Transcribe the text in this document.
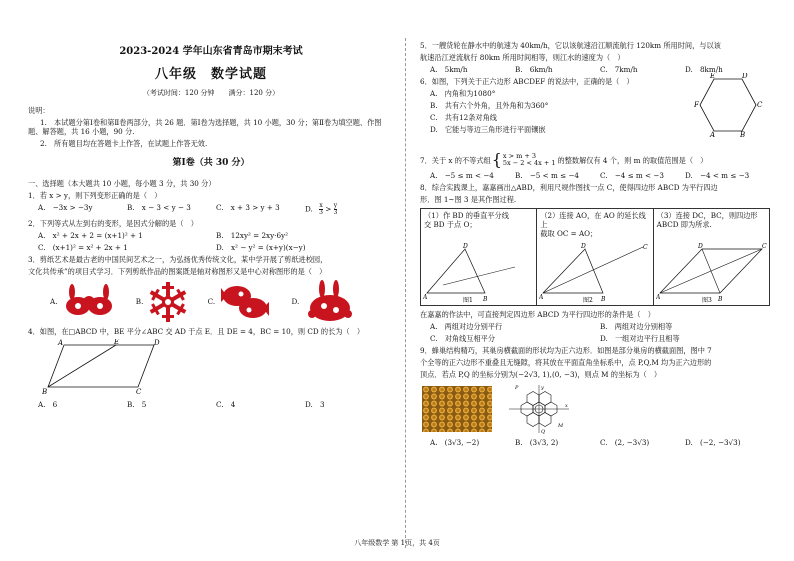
2023-2024 学年山东省青岛市期末考试
八年级　数学试题
（考试时间：120 分钟　　满分：120 分）
说明：
1.　本试题分第Ⅰ卷和第Ⅱ卷两部分，共 26 题．第Ⅰ卷为选择题，共 10 小题，30 分；第Ⅱ卷为填空题、作图题、解答题，共 16 小题，90 分.
2.　所有题目均在答题卡上作答，在试题上作答无效.
第Ⅰ卷（共 30 分）
一、选择题（本大题共 10 小题，每小题 3 分，共 30 分）
1．若 x > y，则下列变形正确的是（　）
A.　−3x > −3y	B.　x − 3 < y − 3	C.　x + 3 > y + 3	D. $\frac{x}{3} > \frac{y}{3}$
2．下列等式从左到右的变形，是因式分解的是（　）
A.　x² + 2x + 2 = (x+1)² + 1	B.　12xy² = 2xy·6y²
C.　(x+1)² = x² + 2x + 1	D.　x² − y² = (x+y)(x−y)
3．剪纸艺术是最古老的中国民间艺术之一，为弘扬优秀传统文化，某中学开展了剪纸进校园，
文化共传承”的项目式学习．下列剪纸作品的图案既是轴对称图形又是中心对称图形的是（　）
A.	B.	C.	D.
4．如图，在□ABCD 中，BE 平分∠ABC 交 AD 于点 E．且 DE = 4，BC = 10，则 CD 的长为（　）
A	E	D
B	C
A.　6	B.　5	C.　4	D.　3
5．一艘货轮在静水中的航速为 40km/h，它以该航速沿江顺流航行 120km 所用时间，与以该
航速沿江逆流航行 80km 所用时间相等，则江水的速度为（　）
A.　5km/h	B.　6km/h	C.　7km/h	D.　8km/h
6．如图，下列关于正六边形 ABCDEF 的说法中，正确的是（　）
A.　内角和为1080°
B.　共有六个外角，且外角和为360°
C.　共有12条对角线
D.　它能与等边三角形进行平面镶嵌
A	B
C
D
E
F
7．关于 x 的不等式组 { x > m + 3
5x − 2 < 4x + 1 的整数解仅有 4 个，则 m 的取值范围是（　）
A.　−5 ≤ m < −4	B.　−5 < m ≤ −4	C.　−4 ≤ m < −3	D.　−4 < m ≤ −3
8．综合实践课上，嘉嘉画出△ABD，利用尺规作图找一点 C，使得四边形 ABCD 为平行四边
形．图 1~图 3 是其作图过程.
（1）作 BD 的垂直平分线
交 BD 于点 O；
A
D
B
图1
（2）连接 AO，在 AO 的延长线上
截取 OC = AO；
A
D
B
C
图2
（3）连接 DC，BC，则四边形
ABCD 即为所求.
A
D
B
C
图3
在嘉嘉的作法中，可直接判定四边形 ABCD 为平行四边形的条件是（　）
A.　两组对边分别平行	B.　两组对边分别相等
C.　对角线互相平分	D.　一组对边平行且相等
9．蜂巢结构精巧，其巢房横截面的形状均为正六边形．如图是部分巢房的横截面图，图中 7
个全等的正六边形不重叠且无缝隙，将其放在平面直角坐标系中，点 P,Q,M 均为正六边形的
顶点．若点 P,Q 的坐标分别为(−2√3, 1),(0, −3)，则点 M 的坐标为（　）
P	y
x
Q
M
A.　(3√3, −2)	B.　(3√3, 2)	C.　(2, −3√3)	D.　(−2, −3√3)
八年级数学 第 1页，共 4页
